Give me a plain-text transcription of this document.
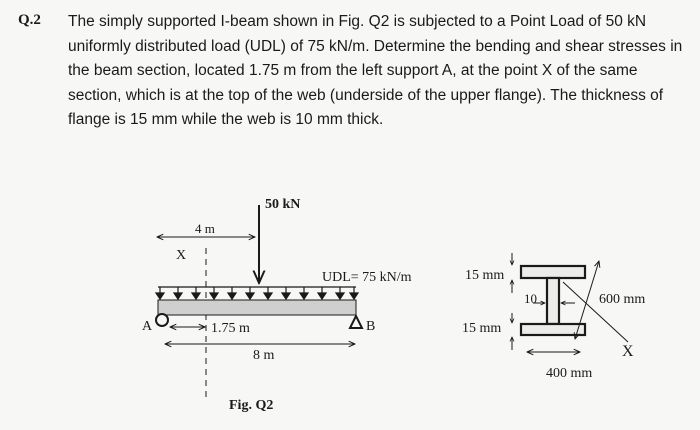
Q.2 The simply supported I-beam shown in Fig. Q2 is subjected to a Point Load of 50 kN uniformly distributed load (UDL) of 75 kN/m. Determine the bending and shear stresses in the beam section, located 1.75 m from the left support A, at the point X of the same section, which is at the top of the web (underside of the upper flange). The thickness of flange is 15 mm while the web is 10 mm thick.

50 kN
4 m
X
UDL= 75 kN/m
A	B
1.75 m
8 m
Fig. Q2
15 mm
15 mm
10	600 mm
X
400 mm
